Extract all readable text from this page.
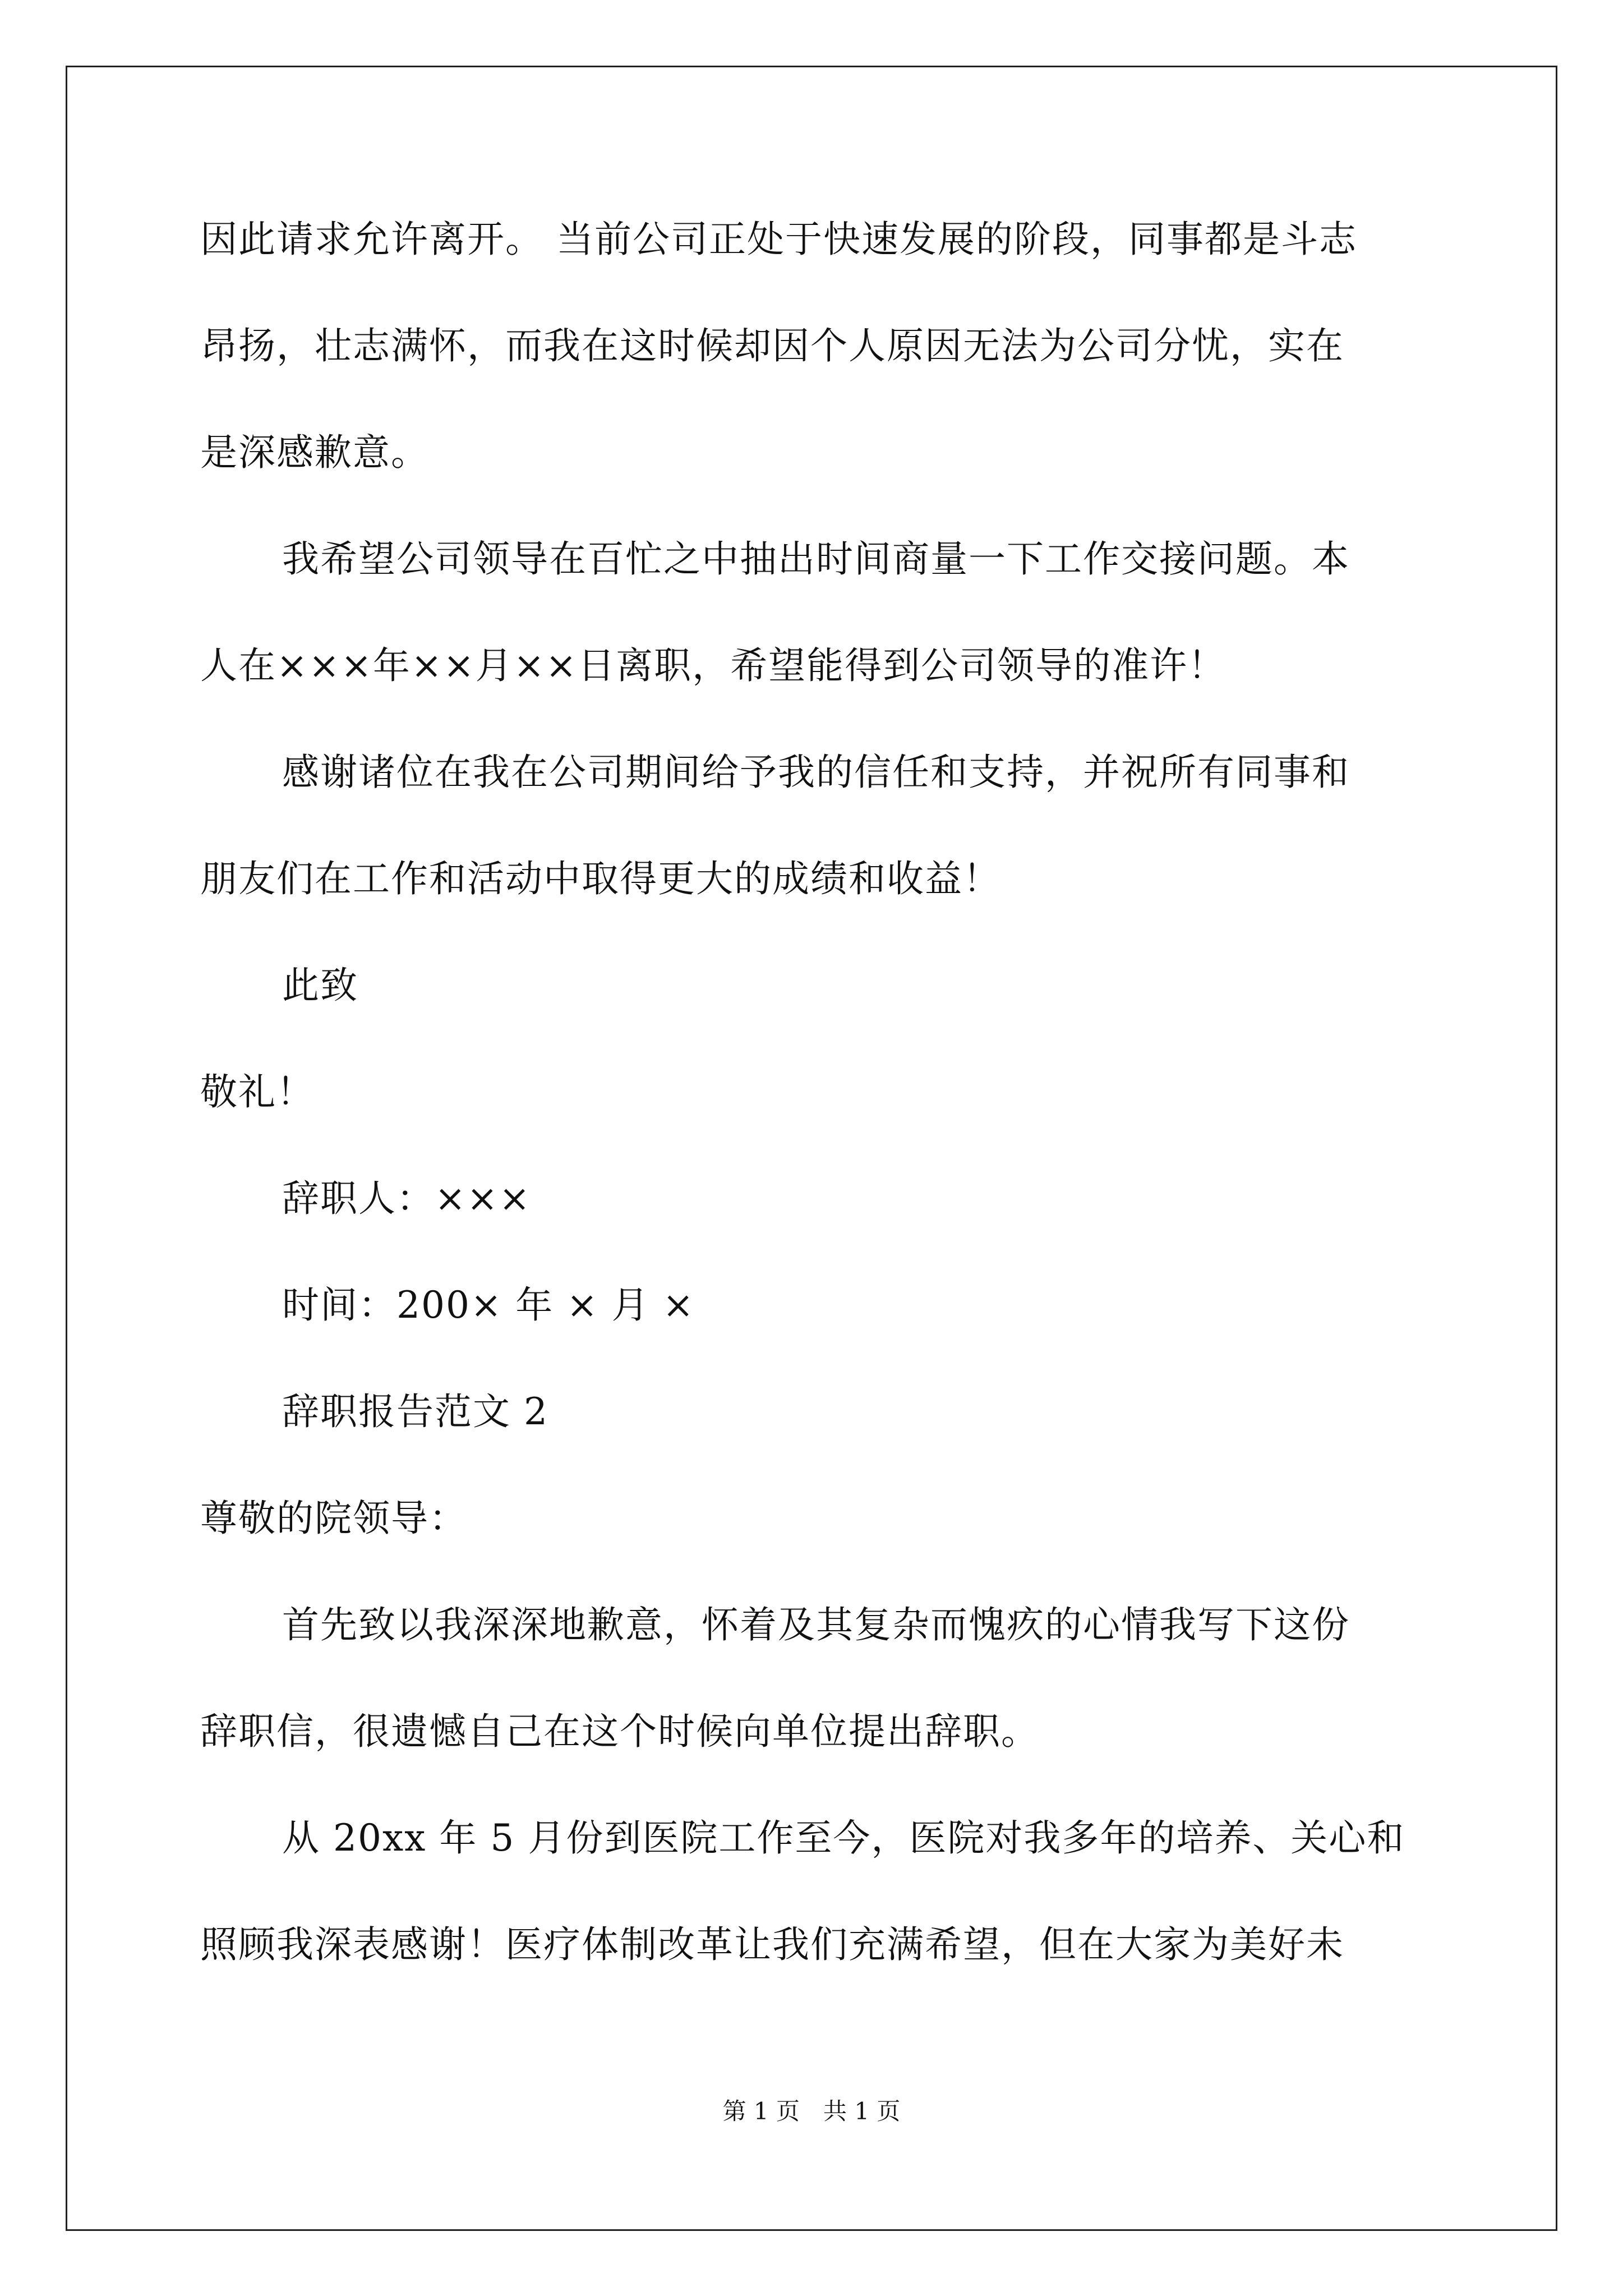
因此请求允许离开。 当前公司正处于快速发展的阶段，同事都是斗志
昂扬，壮志满怀，而我在这时候却因个人原因无法为公司分忧，实在
是深感歉意。
我希望公司领导在百忙之中抽出时间商量一下工作交接问题。本
人在×××年××月××日离职，希望能得到公司领导的准许！
感谢诸位在我在公司期间给予我的信任和支持，并祝所有同事和
朋友们在工作和活动中取得更大的成绩和收益！
此致
敬礼！
辞职人：×××
时间：200× 年 × 月 ×
辞职报告范文 2
尊敬的院领导：
首先致以我深深地歉意，怀着及其复杂而愧疚的心情我写下这份
辞职信，很遗憾自己在这个时候向单位提出辞职。
从 20xx 年 5 月份到医院工作至今，医院对我多年的培养、关心和
照顾我深表感谢！医疗体制改革让我们充满希望，但在大家为美好未
第 1 页　共 1 页
